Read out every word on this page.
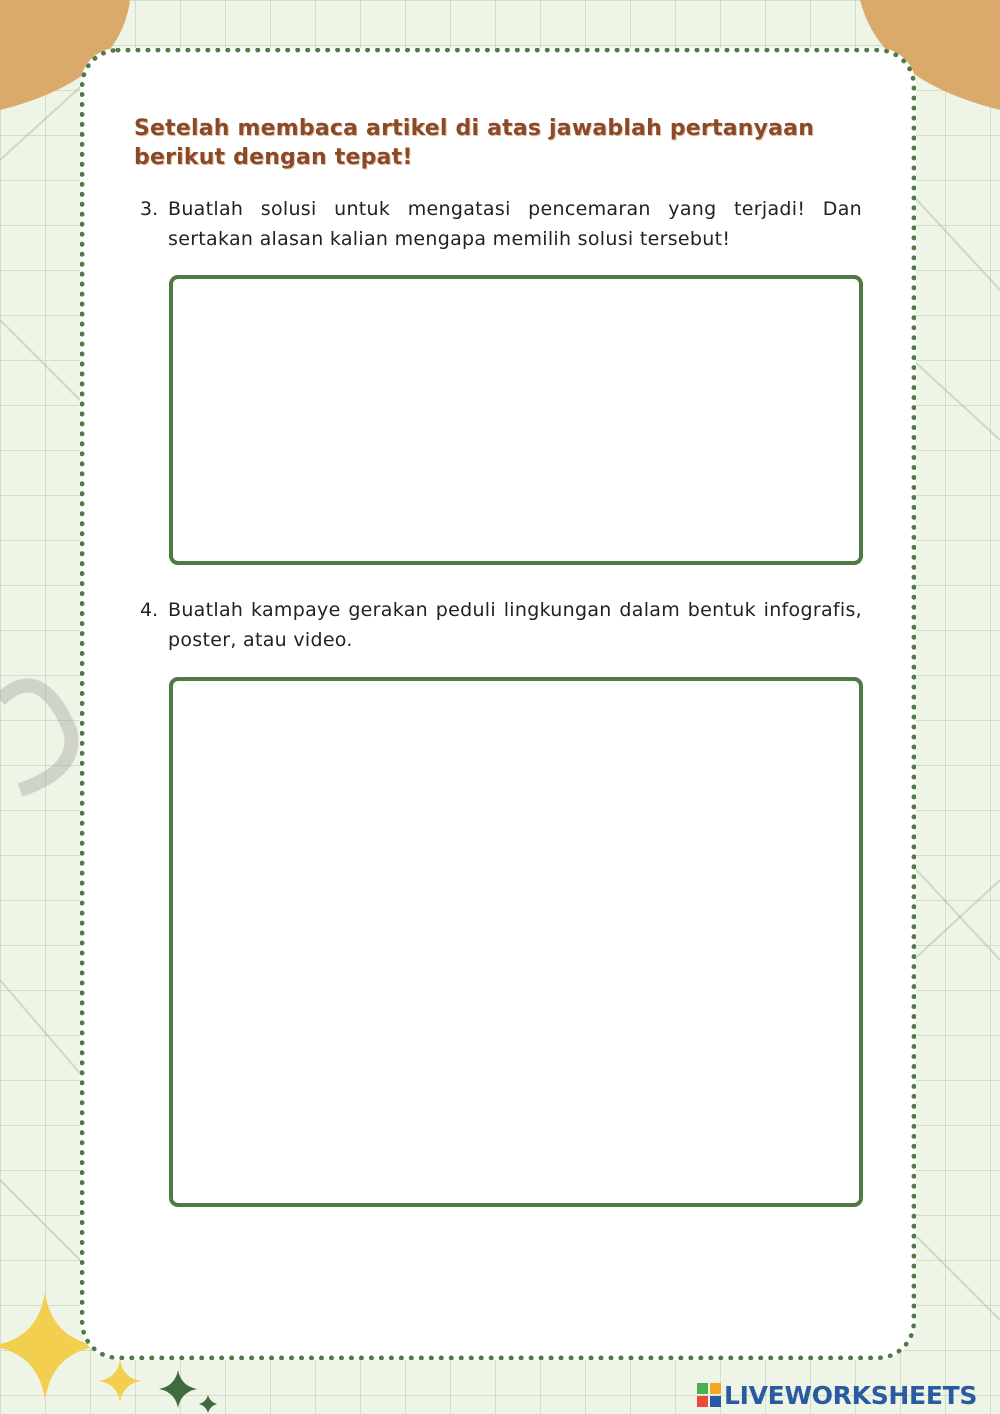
Setelah membaca artikel di atas jawablah pertanyaan berikut dengan tepat!
3. Buatlah solusi untuk mengatasi pencemaran yang terjadi! Dan sertakan alasan kalian mengapa memilih solusi tersebut!
4. Buatlah kampaye gerakan peduli lingkungan dalam bentuk infografis, poster, atau video.
LIVEWORKSHEETS
